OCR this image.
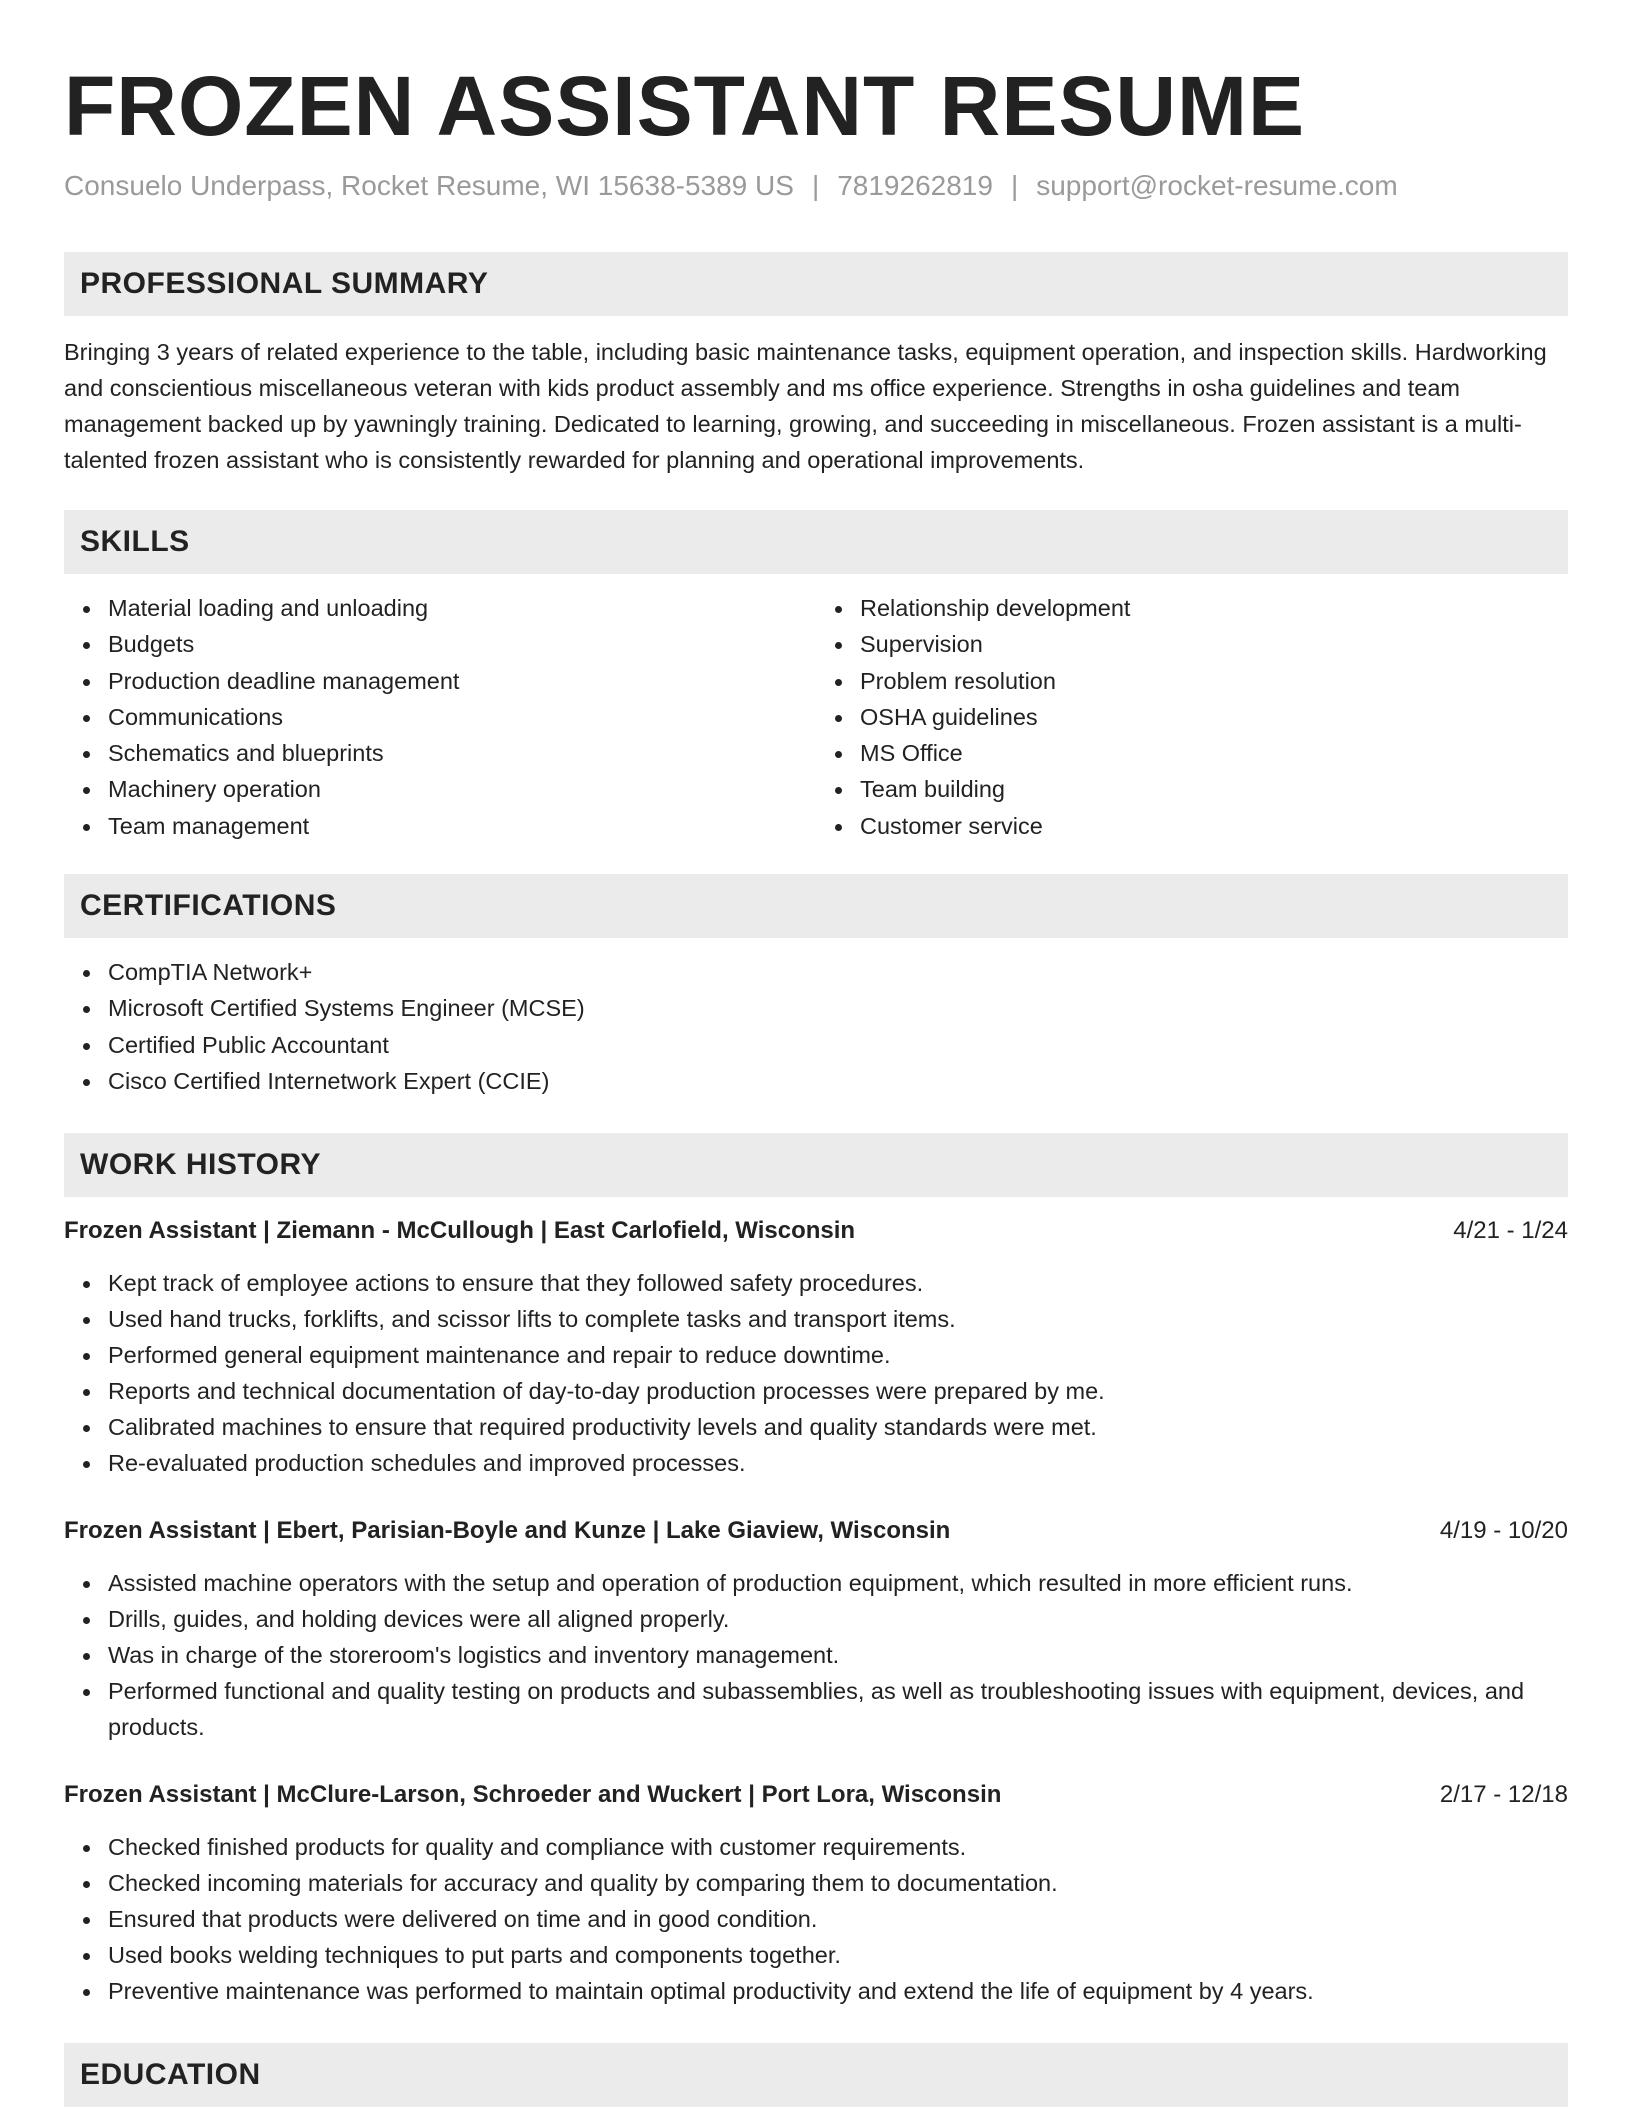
FROZEN ASSISTANT RESUME
Consuelo Underpass, Rocket Resume, WI 15638-5389 US | 7819262819 | support@rocket-resume.com
PROFESSIONAL SUMMARY

Bringing 3 years of related experience to the table, including basic maintenance tasks, equipment operation, and inspection skills. Hardworking and conscientious miscellaneous veteran with kids product assembly and ms office experience. Strengths in osha guidelines and team management backed up by yawningly training. Dedicated to learning, growing, and succeeding in miscellaneous. Frozen assistant is a multi-talented frozen assistant who is consistently rewarded for planning and operational improvements.

SKILLS
Material loading and unloading
Budgets
Production deadline management
Communications
Schematics and blueprints
Machinery operation
Team management
Relationship development
Supervision
Problem resolution
OSHA guidelines
MS Office
Team building
Customer service
CERTIFICATIONS
CompTIA Network+
Microsoft Certified Systems Engineer (MCSE)
Certified Public Accountant
Cisco Certified Internetwork Expert (CCIE)
WORK HISTORY
Frozen Assistant | Ziemann - McCullough | East Carlofield, Wisconsin	4/21 - 1/24
Kept track of employee actions to ensure that they followed safety procedures.
Used hand trucks, forklifts, and scissor lifts to complete tasks and transport items.
Performed general equipment maintenance and repair to reduce downtime.
Reports and technical documentation of day-to-day production processes were prepared by me.
Calibrated machines to ensure that required productivity levels and quality standards were met.
Re-evaluated production schedules and improved processes.
Frozen Assistant | Ebert, Parisian-Boyle and Kunze | Lake Giaview, Wisconsin	4/19 - 10/20
Assisted machine operators with the setup and operation of production equipment, which resulted in more efficient runs.
Drills, guides, and holding devices were all aligned properly.
Was in charge of the storeroom's logistics and inventory management.
Performed functional and quality testing on products and subassemblies, as well as troubleshooting issues with equipment, devices, and products.
Frozen Assistant | McClure-Larson, Schroeder and Wuckert | Port Lora, Wisconsin	2/17 - 12/18
Checked finished products for quality and compliance with customer requirements.
Checked incoming materials for accuracy and quality by comparing them to documentation.
Ensured that products were delivered on time and in good condition.
Used books welding techniques to put parts and components together.
Preventive maintenance was performed to maintain optimal productivity and extend the life of equipment by 4 years.
EDUCATION
